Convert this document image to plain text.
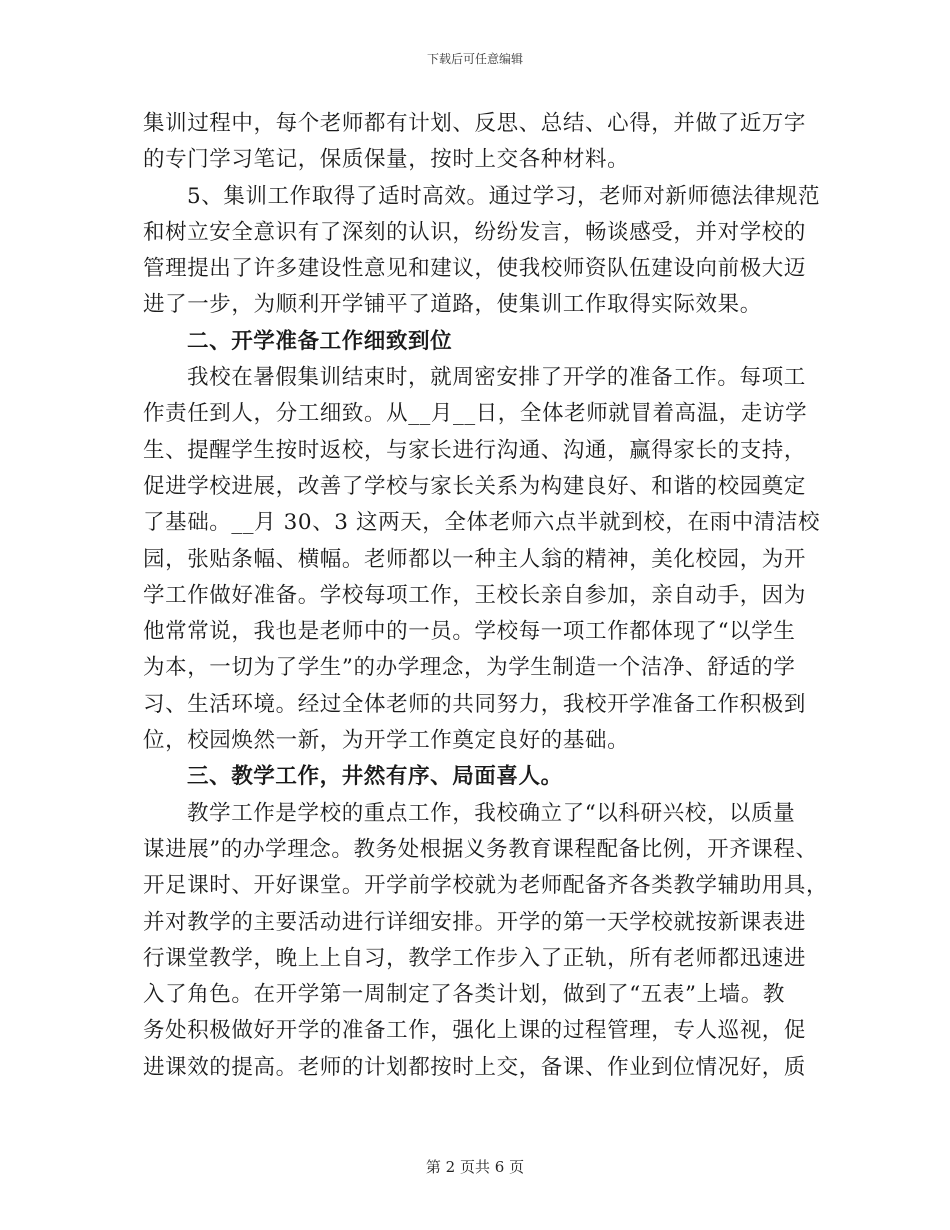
下载后可任意编辑
集训过程中，每个老师都有计划、反思、总结、心得，并做了近万字
的专门学习笔记，保质保量，按时上交各种材料。
5、集训工作取得了适时高效。通过学习，老师对新师德法律规范
和树立安全意识有了深刻的认识，纷纷发言，畅谈感受，并对学校的
管理提出了许多建设性意见和建议，使我校师资队伍建设向前极大迈
进了一步，为顺利开学铺平了道路，使集训工作取得实际效果。
二、开学准备工作细致到位
我校在暑假集训结束时，就周密安排了开学的准备工作。每项工
作责任到人，分工细致。从__月__日，全体老师就冒着高温，走访学
生、提醒学生按时返校，与家长进行沟通、沟通，赢得家长的支持，
促进学校进展，改善了学校与家长关系为构建良好、和谐的校园奠定
了基础。__月 30、3 这两天，全体老师六点半就到校，在雨中清洁校
园，张贴条幅、横幅。老师都以一种主人翁的精神，美化校园，为开
学工作做好准备。学校每项工作，王校长亲自参加，亲自动手，因为
他常常说，我也是老师中的一员。学校每一项工作都体现了“以学生
为本，一切为了学生”的办学理念，为学生制造一个洁净、舒适的学
习、生活环境。经过全体老师的共同努力，我校开学准备工作积极到
位，校园焕然一新，为开学工作奠定良好的基础。
三、教学工作，井然有序、局面喜人。
教学工作是学校的重点工作，我校确立了“以科研兴校，以质量
谋进展”的办学理念。教务处根据义务教育课程配备比例，开齐课程、
开足课时、开好课堂。开学前学校就为老师配备齐各类教学辅助用具，
并对教学的主要活动进行详细安排。开学的第一天学校就按新课表进
行课堂教学，晚上上自习，教学工作步入了正轨，所有老师都迅速进
入了角色。在开学第一周制定了各类计划，做到了“五表”上墙。教
务处积极做好开学的准备工作，强化上课的过程管理，专人巡视，促
进课效的提高。老师的计划都按时上交，备课、作业到位情况好，质
第 2 页共 6 页
